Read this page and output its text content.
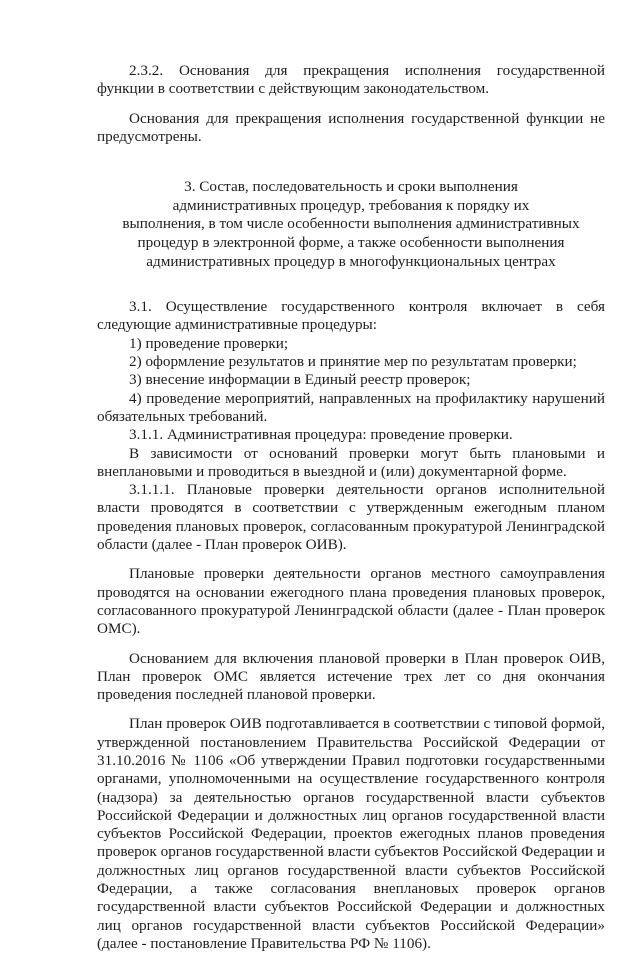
2.3.2. Основания для прекращения исполнения государственной функции в соответствии с действующим законодательством.

Основания для прекращения исполнения государственной функции не предусмотрены.

3. Состав, последовательность и сроки выполнения
административных процедур, требования к порядку их
выполнения, в том числе особенности выполнения административных
процедур в электронной форме, а также особенности выполнения
административных процедур в многофункциональных центрах

3.1. Осуществление государственного контроля включает в себя следующие административные процедуры:

1) проведение проверки;

2) оформление результатов и принятие мер по результатам проверки;

3) внесение информации в Единый реестр проверок;

4) проведение мероприятий, направленных на профилактику нарушений обязательных требований.

3.1.1. Административная процедура: проведение проверки.

В зависимости от оснований проверки могут быть плановыми и внеплановыми и проводиться в выездной и (или) документарной форме.

3.1.1.1. Плановые проверки деятельности органов исполнительной власти проводятся в соответствии с утвержденным ежегодным планом проведения плановых проверок, согласованным прокуратурой Ленинградской области (далее - План проверок ОИВ).

Плановые проверки деятельности органов местного самоуправления проводятся на основании ежегодного плана проведения плановых проверок, согласованного прокуратурой Ленинградской области (далее - План проверок ОМС).

Основанием для включения плановой проверки в План проверок ОИВ, План проверок ОМС является истечение трех лет со дня окончания проведения последней плановой проверки.

План проверок ОИВ подготавливается в соответствии с типовой формой, утвержденной постановлением Правительства Российской Федерации от 31.10.2016 № 1106 «Об утверждении Правил подготовки государственными органами, уполномоченными на осуществление государственного контроля (надзора) за деятельностью органов государственной власти субъектов Российской Федерации и должностных лиц органов государственной власти субъектов Российской Федерации, проектов ежегодных планов проведения проверок органов государственной власти субъектов Российской Федерации и должностных лиц органов государственной власти субъектов Российской Федерации, а также согласования внеплановых проверок органов государственной власти субъектов Российской Федерации и должностных лиц органов государственной власти субъектов Российской Федерации» (далее - постановление Правительства РФ № 1106).
